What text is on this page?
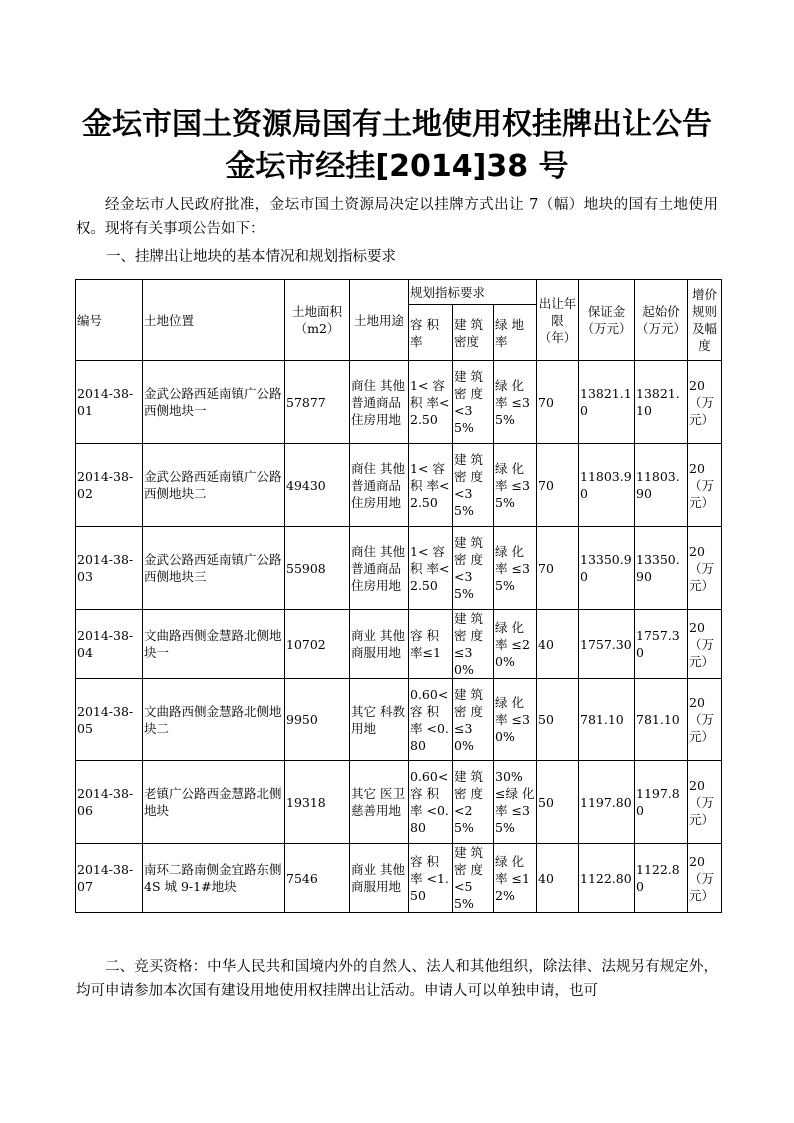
金坛市国土资源局国有土地使用权挂牌出让公告
金坛市经挂[2014]38 号
经金坛市人民政府批准，金坛市国土资源局决定以挂牌方式出让 7（幅）地块的国有土地使用权。现将有关事项公告如下：
一、挂牌出让地块的基本情况和规划指标要求
编号	土地位置	土地面积（m2）	土地用途	规划指标要求			出让年限（年）	保证金（万元）	起始价（万元）	增价规则及幅度
				容 积率	建 筑密度	绿 地率				
2014-38-01	金武公路西延南镇广公路西侧地块一	57877	商住 其他普通商品住房用地	1< 容积 率<2.50	建 筑密 度<35%	绿 化率 ≤35%	70	13821.10	13821.10	20 （万元）
2014-38-02	金武公路西延南镇广公路西侧地块二	49430	商住 其他普通商品住房用地	1< 容积 率<2.50	建 筑密 度<35%	绿 化率 ≤35%	70	11803.90	11803.90	20 （万元）
2014-38-03	金武公路西延南镇广公路西侧地块三	55908	商住 其他普通商品住房用地	1< 容积 率<2.50	建 筑密 度<35%	绿 化率 ≤35%	70	13350.90	13350.90	20 （万元）
2014-38-04	文曲路西侧金慧路北侧地块一	10702	商业 其他商服用地	容 积率≤1	建 筑密 度≤30%	绿 化率 ≤20%	40	1757.30	1757.30	20 （万元）
2014-38-05	文曲路西侧金慧路北侧地块二	9950	其它 科教用地	0.60< 容 积率 <0.80	建 筑密 度≤30%	绿 化率 ≤30%	50	781.10	781.10	20 （万元）
2014-38-06	老镇广公路西金慧路北侧地块	19318	其它 医卫慈善用地	0.60< 容 积率 <0.80	建 筑密 度<25%	30% ≤绿 化率 ≤35%	50	1197.80	1197.80	20 （万元）
2014-38-07	南环二路南侧金宜路东侧 4S 城 9-1#地块	7546	商业 其他商服用地	容 积率 <1.50	建 筑密 度<55%	绿 化率 ≤12%	40	1122.80	1122.80	20 （万元）
二、竞买资格：中华人民共和国境内外的自然人、法人和其他组织，除法律、法规另有规定外，均可申请参加本次国有建设用地使用权挂牌出让活动。申请人可以单独申请，也可
